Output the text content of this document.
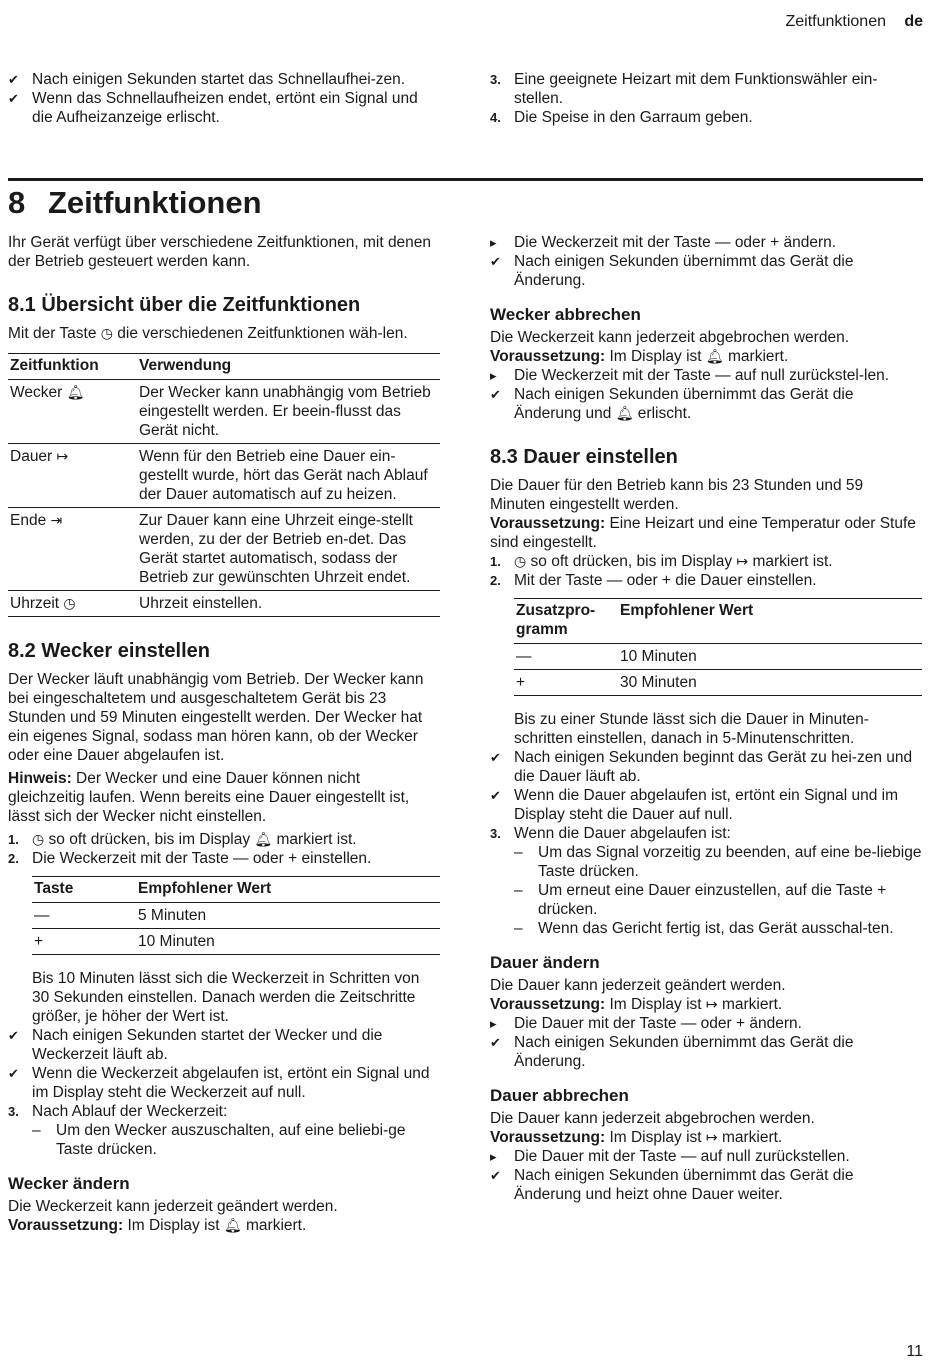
Zeitfunktionen de

✔ Nach einigen Sekunden startet das Schnellaufhei-zen.

✔ Wenn das Schnellaufheizen endet, ertönt ein Signal und die Aufheizanzeige erlischt.

3. Eine geeignete Heizart mit dem Funktionswähler ein-stellen.

4. Die Speise in den Garraum geben.

8 Zeitfunktionen

Ihr Gerät verfügt über verschiedene Zeitfunktionen, mit denen der Betrieb gesteuert werden kann.

8.1 Übersicht über die Zeitfunktionen

Mit der Taste ◷ die verschiedenen Zeitfunktionen wäh-len.

Zeitfunktion	Verwendung
Wecker 🔔︎	Der Wecker kann unabhängig vom Betrieb eingestellt werden. Er beein-flusst das Gerät nicht.
Dauer ↦	Wenn für den Betrieb eine Dauer ein-gestellt wurde, hört das Gerät nach Ablauf der Dauer automatisch auf zu heizen.
Ende ⇥	Zur Dauer kann eine Uhrzeit einge-stellt werden, zu der der Betrieb en-det. Das Gerät startet automatisch, sodass der Betrieb zur gewünschten Uhrzeit endet.
Uhrzeit ◷	Uhrzeit einstellen.
8.2 Wecker einstellen

Der Wecker läuft unabhängig vom Betrieb. Der Wecker kann bei eingeschaltetem und ausgeschaltetem Gerät bis 23 Stunden und 59 Minuten eingestellt werden. Der Wecker hat ein eigenes Signal, sodass man hören kann, ob der Wecker oder eine Dauer abgelaufen ist.

Hinweis: Der Wecker und eine Dauer können nicht gleichzeitig laufen. Wenn bereits eine Dauer eingestellt ist, lässt sich der Wecker nicht einstellen.

1. ◷ so oft drücken, bis im Display 🔔︎ markiert ist.

2. Die Weckerzeit mit der Taste — oder + einstellen.

Taste	Empfohlener Wert
—	5 Minuten
+	10 Minuten

Bis 10 Minuten lässt sich die Weckerzeit in Schritten von 30 Sekunden einstellen. Danach werden die Zeitschritte größer, je höher der Wert ist.

✔ Nach einigen Sekunden startet der Wecker und die Weckerzeit läuft ab.

✔ Wenn die Weckerzeit abgelaufen ist, ertönt ein Signal und im Display steht die Weckerzeit auf null.

3. Nach Ablauf der Weckerzeit:

– Um den Wecker auszuschalten, auf eine beliebi-ge Taste drücken.

Wecker ändern

Die Weckerzeit kann jederzeit geändert werden.

Voraussetzung: Im Display ist 🔔︎ markiert.

▸ Die Weckerzeit mit der Taste — oder + ändern.

✔ Nach einigen Sekunden übernimmt das Gerät die Änderung.

Wecker abbrechen

Die Weckerzeit kann jederzeit abgebrochen werden.

Voraussetzung: Im Display ist 🔔︎ markiert.

▸ Die Weckerzeit mit der Taste — auf null zurückstel-len.

✔ Nach einigen Sekunden übernimmt das Gerät die Änderung und 🔔︎ erlischt.

8.3 Dauer einstellen

Die Dauer für den Betrieb kann bis 23 Stunden und 59 Minuten eingestellt werden.

Voraussetzung: Eine Heizart und eine Temperatur oder Stufe sind eingestellt.

1. ◷ so oft drücken, bis im Display ↦ markiert ist.

2. Mit der Taste — oder + die Dauer einstellen.

Zusatzpro-gramm	Empfohlener Wert
—	10 Minuten
+	30 Minuten

Bis zu einer Stunde lässt sich die Dauer in Minuten-schritten einstellen, danach in 5-Minutenschritten.

✔ Nach einigen Sekunden beginnt das Gerät zu hei-zen und die Dauer läuft ab.

✔ Wenn die Dauer abgelaufen ist, ertönt ein Signal und im Display steht die Dauer auf null.

3. Wenn die Dauer abgelaufen ist:

– Um das Signal vorzeitig zu beenden, auf eine be-liebige Taste drücken.

– Um erneut eine Dauer einzustellen, auf die Taste + drücken.

– Wenn das Gericht fertig ist, das Gerät ausschal-ten.

Dauer ändern

Die Dauer kann jederzeit geändert werden.

Voraussetzung: Im Display ist ↦ markiert.

▸ Die Dauer mit der Taste — oder + ändern.

✔ Nach einigen Sekunden übernimmt das Gerät die Änderung.

Dauer abbrechen

Die Dauer kann jederzeit abgebrochen werden.

Voraussetzung: Im Display ist ↦ markiert.

▸ Die Dauer mit der Taste — auf null zurückstellen.

✔ Nach einigen Sekunden übernimmt das Gerät die Änderung und heizt ohne Dauer weiter.

11
